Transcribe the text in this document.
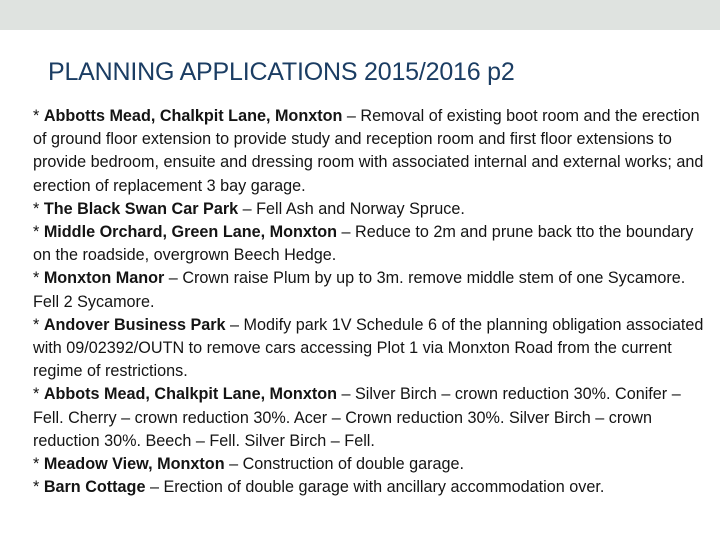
PLANNING APPLICATIONS 2015/2016 p2

* Abbotts Mead, Chalkpit Lane, Monxton – Removal of existing boot room and the erection of ground floor extension to provide study and reception room and first floor extensions to provide bedroom, ensuite and dressing room with associated internal and external works; and erection of replacement 3 bay garage.

* The Black Swan Car Park – Fell Ash and Norway Spruce.

* Middle Orchard, Green Lane, Monxton – Reduce to 2m and prune back tto the boundary on the roadside, overgrown Beech Hedge.

* Monxton Manor – Crown raise Plum by up to 3m. remove middle stem of one Sycamore. Fell 2 Sycamore.

* Andover Business Park – Modify park 1V Schedule 6 of the planning obligation associated with 09/02392/OUTN to remove cars accessing Plot 1 via Monxton Road from the current regime of restrictions.

* Abbots Mead, Chalkpit Lane, Monxton – Silver Birch – crown reduction 30%. Conifer – Fell. Cherry – crown reduction 30%. Acer – Crown reduction 30%. Silver Birch – crown reduction 30%. Beech – Fell. Silver Birch – Fell.

* Meadow View, Monxton – Construction of double garage.

* Barn Cottage – Erection of double garage with ancillary accommodation over.
